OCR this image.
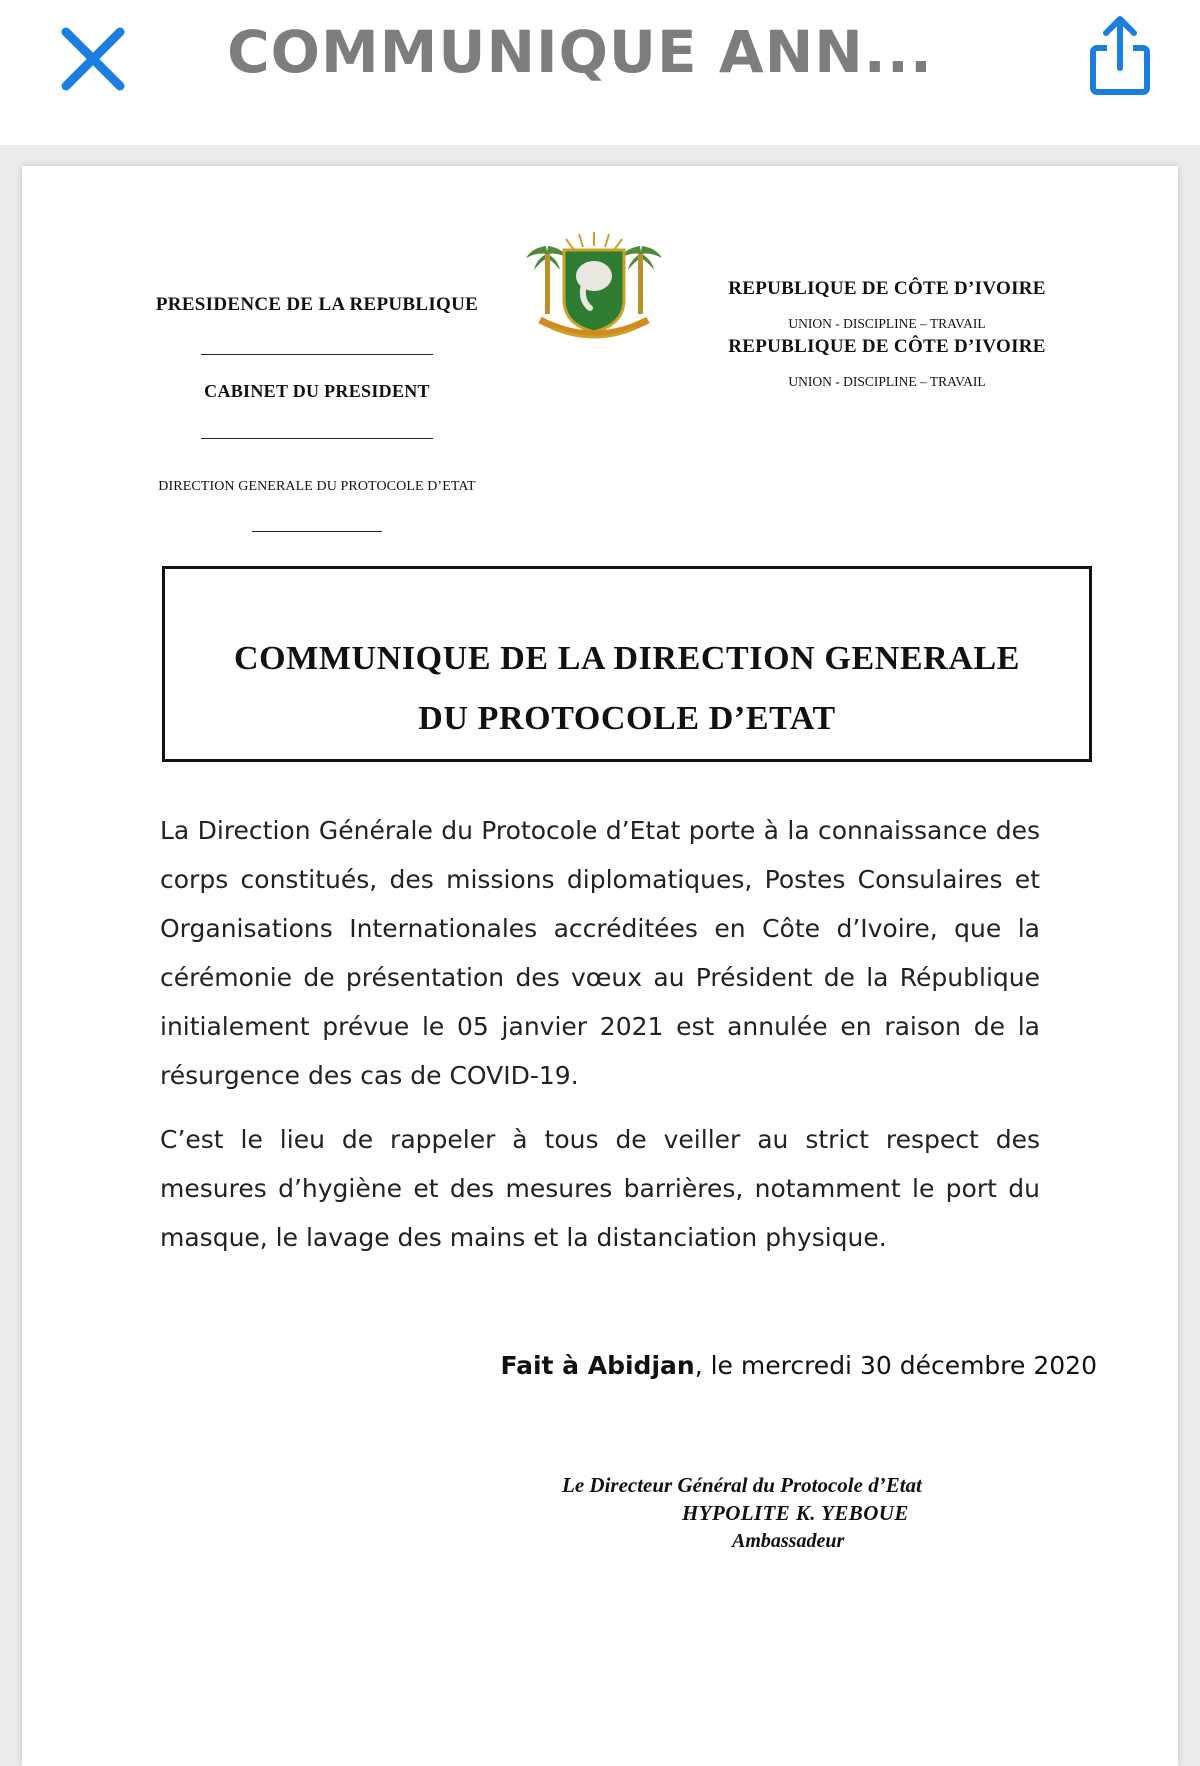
COMMUNIQUE ANN...
PRESIDENCE DE LA REPUBLIQUE
CABINET DU PRESIDENT
DIRECTION GENERALE DU PROTOCOLE D’ETAT
REPUBLIQUE DE CÔTE D’IVOIRE
UNION - DISCIPLINE – TRAVAIL
REPUBLIQUE DE CÔTE D’IVOIRE
UNION - DISCIPLINE – TRAVAIL
COMMUNIQUE DE LA DIRECTION GENERALE
DU PROTOCOLE D’ETAT

La Direction Générale du Protocole d’Etat porte à la connaissance des corps constitués, des missions diplomatiques, Postes Consulaires et Organisations Internationales accréditées en Côte d’Ivoire, que la cérémonie de présentation des vœux au Président de la République initialement prévue le 05 janvier 2021 est annulée en raison de la résurgence des cas de COVID-19.

C’est le lieu de rappeler à tous de veiller au strict respect des mesures d’hygiène et des mesures barrières, notamment le port du masque, le lavage des mains et la distanciation physique.

Fait à Abidjan, le mercredi 30 décembre 2020
Le Directeur Général du Protocole d’Etat
HYPOLITE K. YEBOUE
Ambassadeur
